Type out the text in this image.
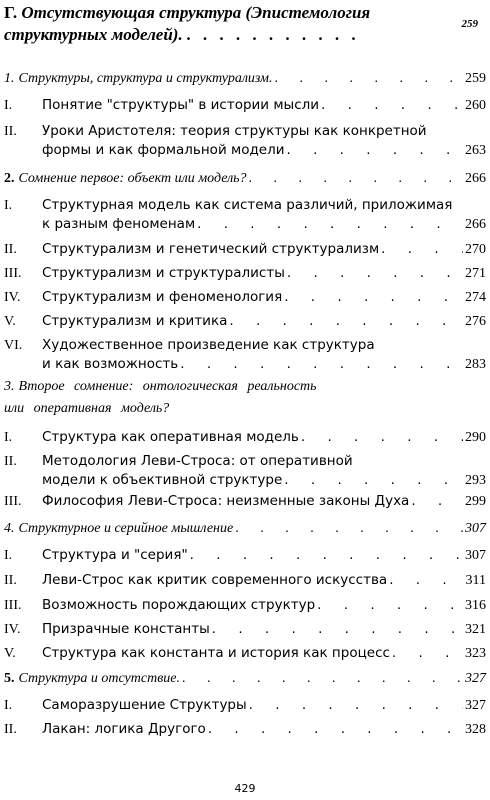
Г. Отсутствующая структура (Эпистемология
структурных моделей). . . . . . . . . . . .
259
1. Структуры, структура и структурализм. . . .	259
I.	Понятие "структуры" в истории мысли . . .	260
II.	Уроки Аристотеля: теория структуры как конкретной
формы и как формальной модели . . .	263
2. Сомнение первое: объект или модель? . . .	266
I.	Структурная модель как система различий, приложимая
к разным феноменам . . .	266
II.	Структурализм и генетический структурализм . . .	270
III.	Структурализм и структуралисты . . .	271
IV.	Структурализм и феноменология . . .	274
V.	Структурализм и критика . . .	276
VI.	Художественное произведение как структура
и как возможность . . .	283
3. Второе сомнение: онтологическая реальность
или оперативная модель?
I.	Структура как оперативная модель . . .	290
II.	Методология Леви-Строса: от оперативной
модели к объективной структуре . . .	293
III.	Философия Леви-Строса: неизменные законы Духа . . .	299
4. Структурное и серийное мышление . . .	307
I.	Структура и "серия" . . .	307
II.	Леви-Строс как критик современного искусства . . .	311
III.	Возможность порождающих структур . . .	316
IV.	Призрачные константы . . .	321
V.	Структура как константа и история как процесс . . .	323
5. Структура и отсутствие. . . .	327
I.	Саморазрушение Структуры . . .	327
II.	Лакан: логика Другого . . .	328
429
